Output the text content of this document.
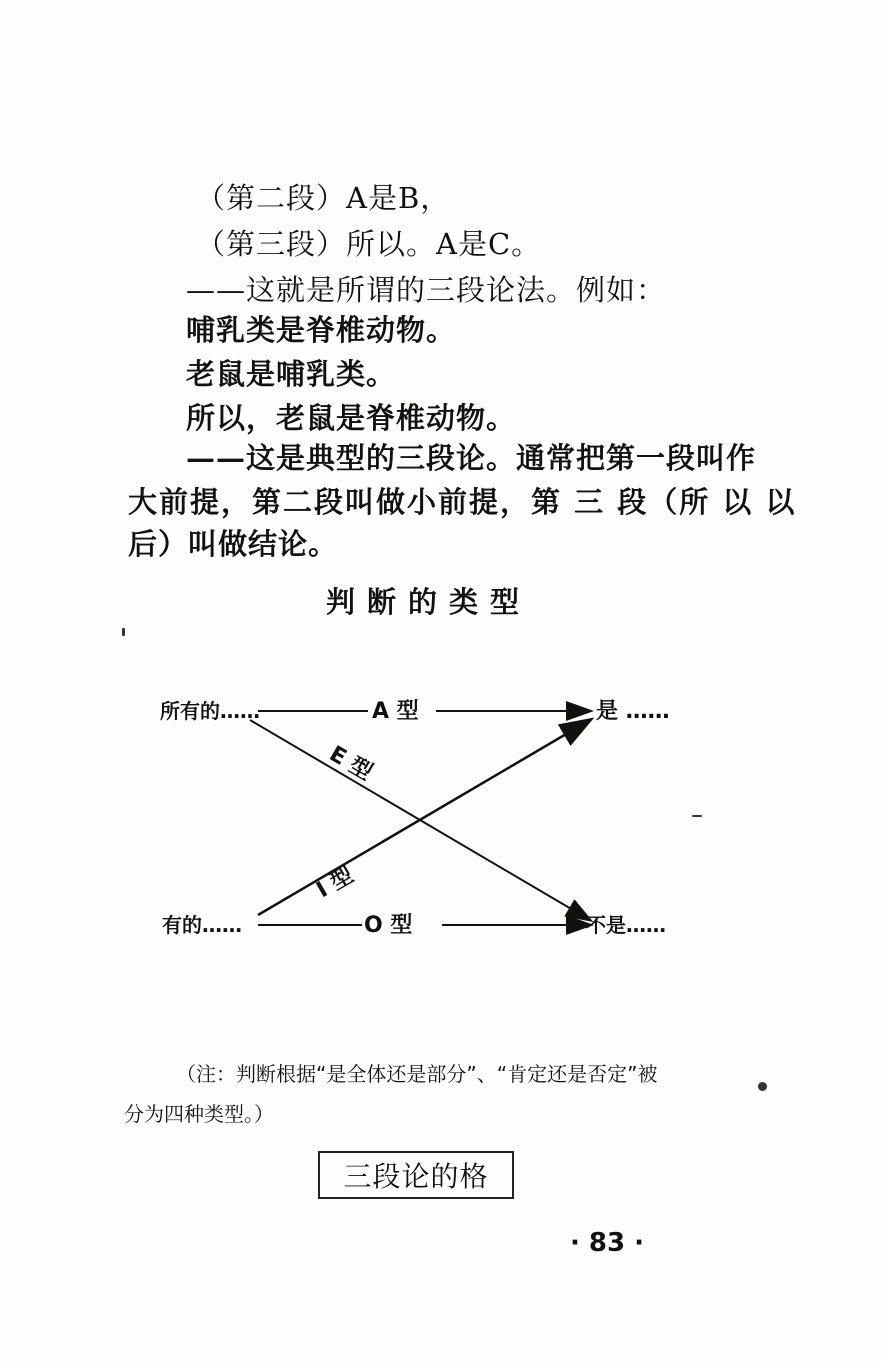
（第二段）A是B，
（第三段）所以。A是C。
——这就是所谓的三段论法。例如：
哺乳类是脊椎动物。
老鼠是哺乳类。
所以，老鼠是脊椎动物。
——这是典型的三段论。通常把第一段叫作
大前提，第二段叫做小前提，第 三 段（所 以 以
后）叫做结论。
判断的类型
所有的……
有的……
是 ……
不是……
A 型
O 型
E 型
I 型
（注：判断根据“是全体还是部分”、“肯定还是否定”被
分为四种类型。）
三段论的格
· 83 ·
